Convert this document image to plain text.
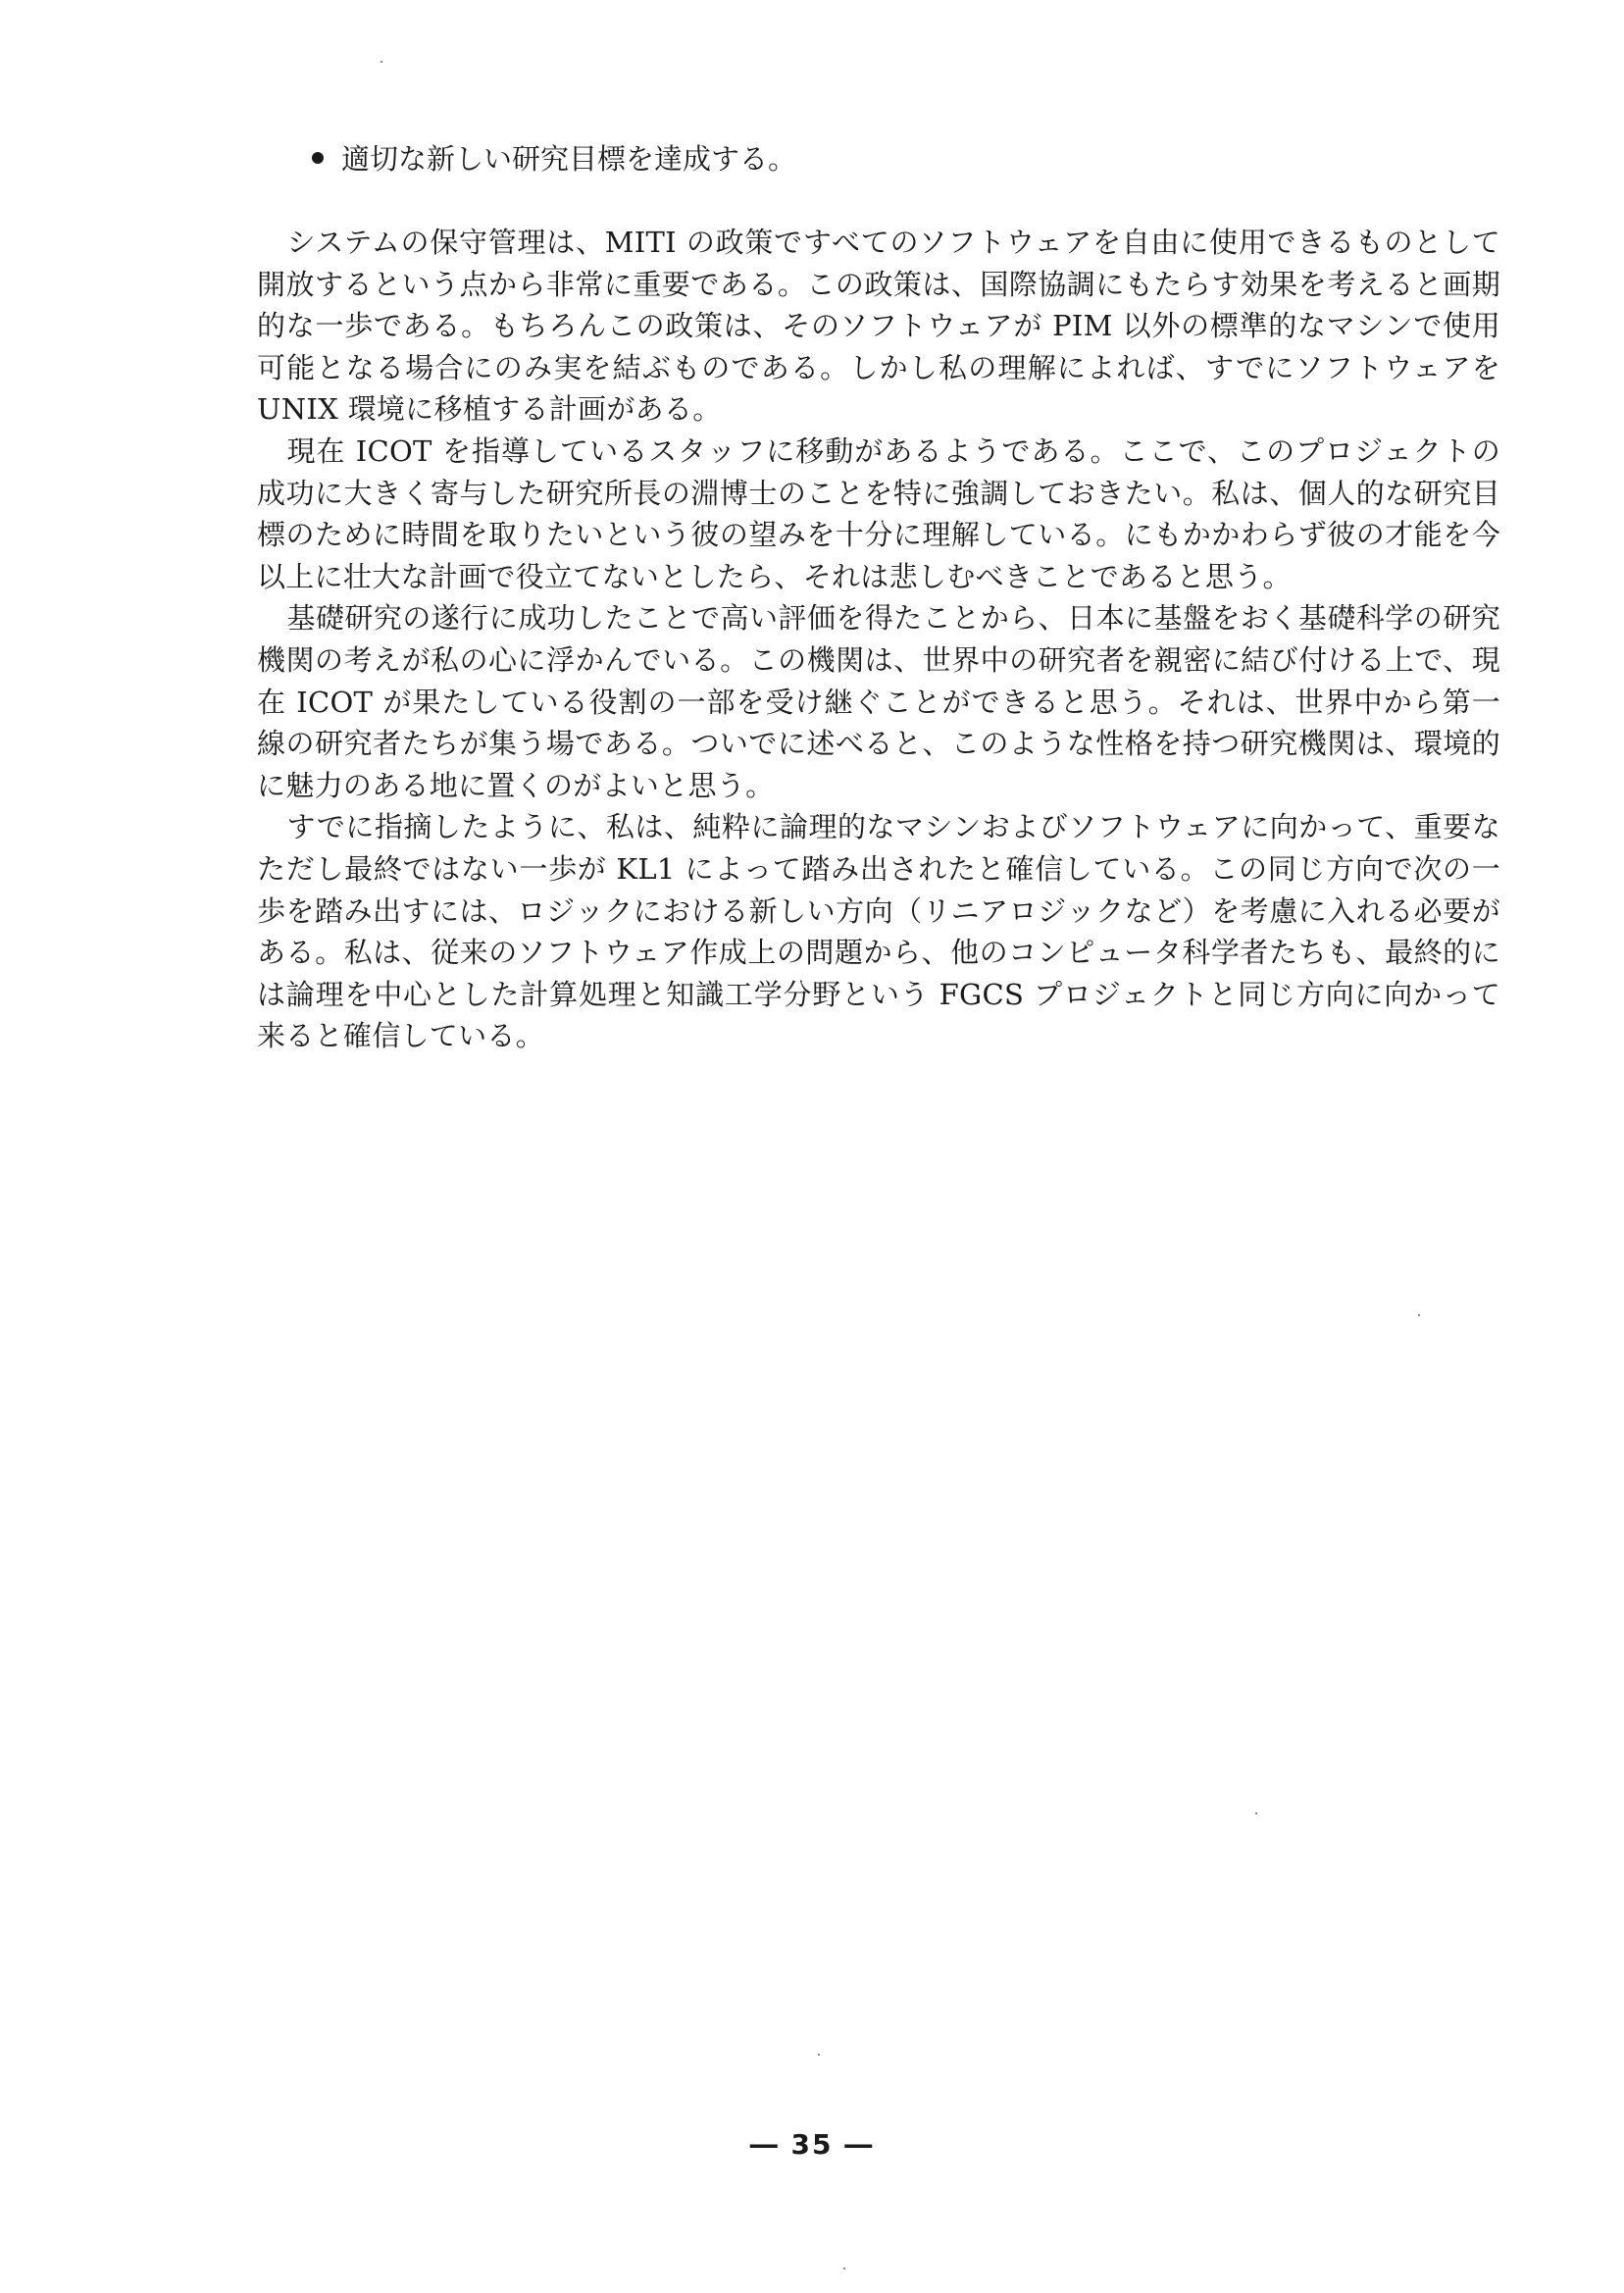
適切な新しい研究目標を達成する。

システムの保守管理は、MITI の政策ですべてのソフトウェアを自由に使用できるものとして開放するという点から非常に重要である。この政策は、国際協調にもたらす効果を考えると画期的な一歩である。もちろんこの政策は、そのソフトウェアが PIM 以外の標準的なマシンで使用可能となる場合にのみ実を結ぶものである。しかし私の理解によれば、すでにソフトウェアを UNIX 環境に移植する計画がある。

現在 ICOT を指導しているスタッフに移動があるようである。ここで、このプロジェクトの成功に大きく寄与した研究所長の淵博士のことを特に強調しておきたい。私は、個人的な研究目標のために時間を取りたいという彼の望みを十分に理解している。にもかかわらず彼の才能を今以上に壮大な計画で役立てないとしたら、それは悲しむべきことであると思う。

基礎研究の遂行に成功したことで高い評価を得たことから、日本に基盤をおく基礎科学の研究機関の考えが私の心に浮かんでいる。この機関は、世界中の研究者を親密に結び付ける上で、現在 ICOT が果たしている役割の一部を受け継ぐことができると思う。それは、世界中から第一線の研究者たちが集う場である。ついでに述べると、このような性格を持つ研究機関は、環境的に魅力のある地に置くのがよいと思う。

すでに指摘したように、私は、純粋に論理的なマシンおよびソフトウェアに向かって、重要なただし最終ではない一歩が KL1 によって踏み出されたと確信している。この同じ方向で次の一歩を踏み出すには、ロジックにおける新しい方向（リニアロジックなど）を考慮に入れる必要がある。私は、従来のソフトウェア作成上の問題から、他のコンピュータ科学者たちも、最終的には論理を中心とした計算処理と知識工学分野という FGCS プロジェクトと同じ方向に向かって来ると確信している。

― 35 ―
